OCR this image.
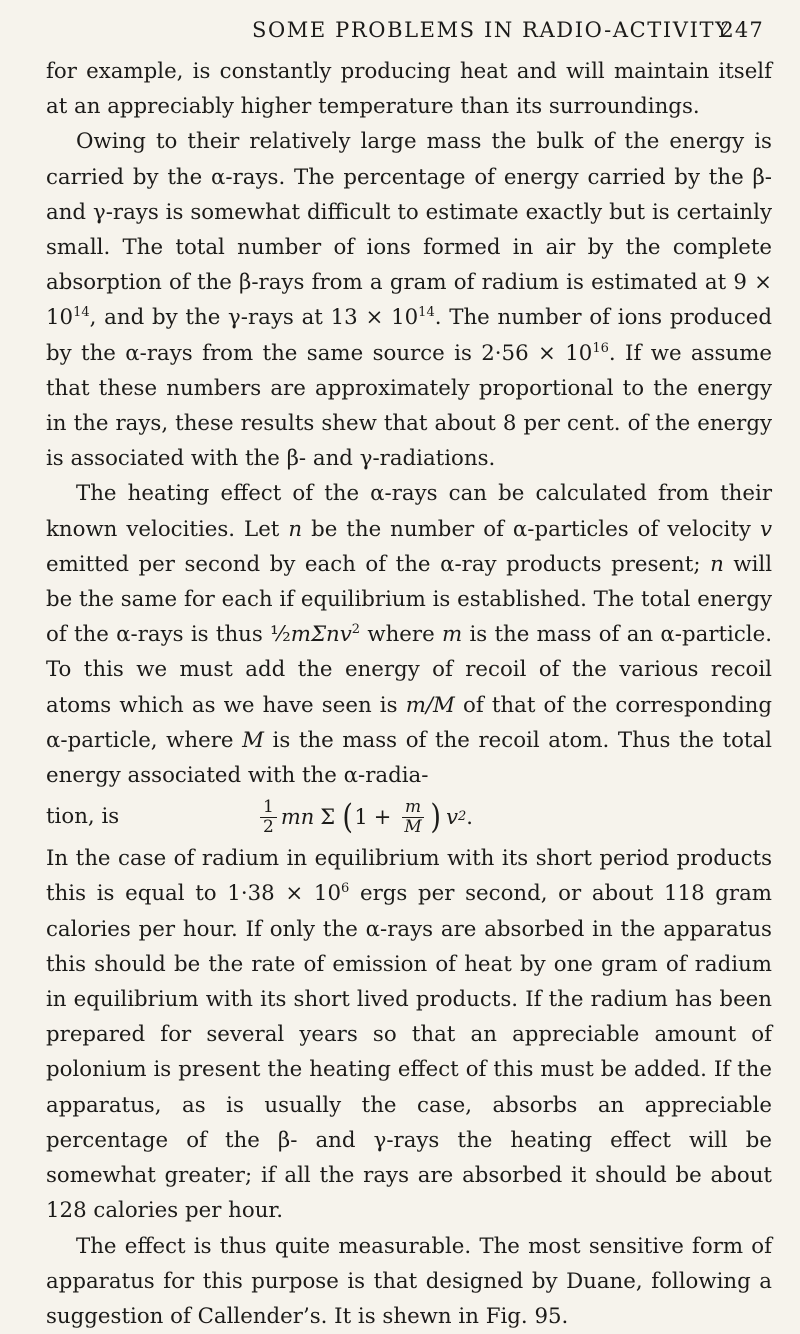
SOME PROBLEMS IN RADIO-ACTIVITY
247

for example, is constantly producing heat and will maintain itself at an appreciably higher temperature than its surroundings.

Owing to their relatively large mass the bulk of the energy is carried by the α-rays. The percentage of energy carried by the β- and γ-rays is somewhat difficult to estimate exactly but is certainly small. The total number of ions formed in air by the complete absorption of the β-rays from a gram of radium is estimated at $9 \times 10^{14}$, and by the γ-rays at $13 \times 10^{14}$. The number of ions produced by the α-rays from the same source is $2\cdot 56 \times 10^{16}$. If we assume that these numbers are approximately proportional to the energy in the rays, these results shew that about 8 per cent. of the energy is associated with the β- and γ-radiations.

The heating effect of the α-rays can be calculated from their known velocities. Let n be the number of α-particles of velocity v emitted per second by each of the α-ray products present; n will be the same for each if equilibrium is established. The total energy of the α-rays is thus ½mΣnv$^2$ where m is the mass of an α-particle. To this we must add the energy of recoil of the various recoil atoms which as we have seen is m/M of that of the corresponding α-particle, where M is the mass of the recoil atom. Thus the total energy associated with the α-radia-

tion, is	$\frac{1}{2}$ mn Σ ( $1 + \frac{m}{M}$ ) v 2 .

In the case of radium in equilibrium with its short period products this is equal to $1\cdot 38 \times 10^6$ ergs per second, or about 118 gram calories per hour. If only the α-rays are absorbed in the apparatus this should be the rate of emission of heat by one gram of radium in equilibrium with its short lived products. If the radium has been prepared for several years so that an appreciable amount of polonium is present the heating effect of this must be added. If the apparatus, as is usually the case, absorbs an appreciable percentage of the β- and γ-rays the heating effect will be somewhat greater; if all the rays are absorbed it should be about 128 calories per hour.

The effect is thus quite measurable. The most sensitive form of apparatus for this purpose is that designed by Duane, following a suggestion of Callender’s. It is shewn in Fig. 95.
